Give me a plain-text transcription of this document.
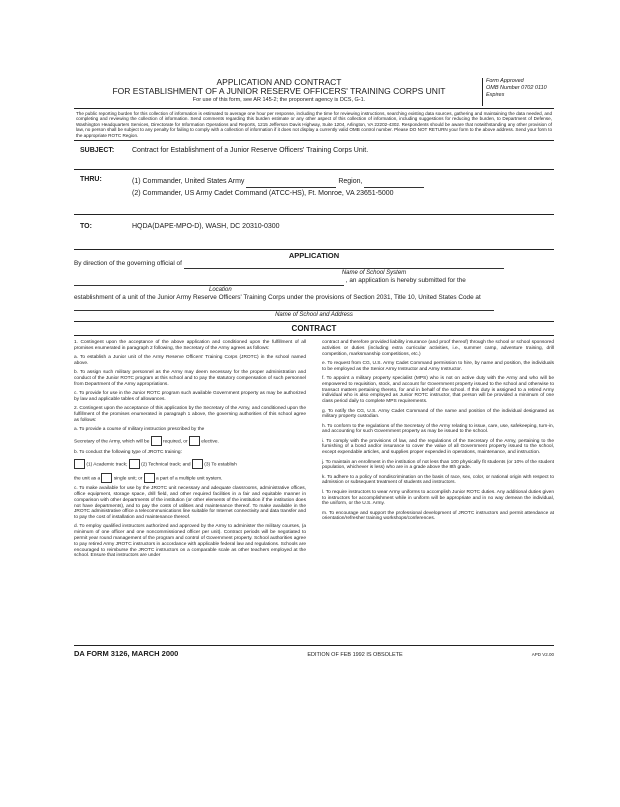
APPLICATION AND CONTRACT
FOR ESTABLISHMENT OF A JUNIOR RESERVE OFFICERS' TRAINING CORPS UNIT
For use of this form, see AR 145-2; the proponent agency is DCS, G-1.
Form Approved
OMB Number 0702 0110
Expires
The public reporting burden for this collection of information is estimated to average one hour per response, including the time for reviewing instructions, searching existing data sources, gathering and maintaining the data needed, and completing and reviewing the collection of information. Send comments regarding this burden estimate or any other aspect of this collection of information, including suggestions for reducing the burden, to Department of Defense, Washington Headquarters Services, Directorate for Information Operations and Reports, 1215 Jefferson Davis Highway, Suite 1204, Arlington, VA 22202-4302. Respondents should be aware that notwithstanding any other provision of law, no person shall be subject to any penalty for failing to comply with a collection of information if it does not display a currently valid OMB control number. Please DO NOT RETURN your form to the above address. Send your form to the appropriate ROTC Region.
SUBJECT:	Contract for Establishment of a Junior Reserve Officers' Training Corps Unit.
THRU:	(1) Commander, United States Army	Region,
(2) Commander, US Army Cadet Command (ATCC-HS), Ft. Monroe, VA 23651-5000
TO:	HQDA(DAPE-MPO-D), WASH, DC 20310-0300
APPLICATION
By direction of the governing official of
Name of School System
, an application is hereby submitted for the
Location
establishment of a unit of the Junior Army Reserve Officers' Training Corps under the provisions of Section 2031, Title 10, United States Code at

Name of School and Address
CONTRACT

1. Contingent upon the acceptance of the above application and conditioned upon the fulfillment of all promises enumerated in paragraph 2 following, the Secretary of the Army agrees as follows:

a. To establish a Junior unit of the Army Reserve Officers' Training Corps (JROTC) in the school named above.

b. To assign such military personnel as the Army may deem necessary for the proper administration and conduct of the Junior ROTC program at this school and to pay the statutory compensation of such personnel from Department of the Army appropriations.

c. To provide for use in the Junior ROTC program such available Government property as may be authorized by law and applicable tables of allowances.

2. Contingent upon the acceptance of this application by the Secretary of the Army, and conditioned upon the fulfillment of the promises enumerated in paragraph 1 above, the governing authorities of this school agree as follows:

a. To provide a course of military instruction prescribed by the

Secretary of the Army, which will be	required, or	elective.

b. To conduct the following type of JROTC training:

(1) Academic track;	(2) Technical track; and	(3) To establish

the unit as a	single unit; or	a part of a multiple unit system.

c. To make available for use by the JROTC unit necessary and adequate classrooms, administrative offices, office equipment, storage space, drill field, and other required facilities in a fair and equitable manner in comparison with other departments of the institution (or other elements of the institution if the institution does not have departments), and to pay the costs of utilities and maintenance thereof. To make available in the JROTC administrative office a telecommunications line suitable for Internet connectivity and data transfer and to pay the cost of installation and maintenance thereof.

d. To employ qualified instructors authorized and approved by the Army to administer the military courses, (a minimum of one officer and one noncommissioned officer per unit). Contract periods will be negotiated to permit year round management of the program and control of Government property. School authorities agree to pay retired Army JROTC instructors in accordance with applicable federal law and regulations. Schools are encouraged to reimburse the JROTC instructors on a comparable scale as other teachers employed at the school. Ensure that instructors are under

contract and therefore provided liability insurance (and proof thereof) through the school or school sponsored activities or duties (including extra curricular activities, i.e., summer camp, adventure training, drill competition, marksmanship competitions, etc.)

e. To request from CG, U.S. Army Cadet Command permission to hire, by name and position, the individuals to be employed as the Senior Army Instructor and Army Instructor.

f. To appoint a military property specialist (MPS) who is not on active duty with the Army and who will be empowered to requisition, stock, and account for Government property issued to the school and otherwise to transact matters pertaining thereto, for and in behalf of the school. If this duty is assigned to a retired Army individual who is also employed as Junior ROTC instructor, that person will be provided a minimum of one class period daily to complete MPS requirements.

g. To notify the CG, U.S. Army Cadet Command of the name and position of the individual designated as military property custodian.

h. To conform to the regulations of the Secretary of the Army relating to issue, care, use, safekeeping, turn-in, and accounting for such Government property as may be issued to the school.

i. To comply with the provisions of law, and the regulations of the Secretary of the Army, pertaining to the furnishing of a bond and/or insurance to cover the value of all Government property issued to the school, except expendable articles, and supplies proper expended in operations, maintenance, and instruction.

j. To maintain an enrollment in the institution of not less than 100 physically fit students (or 10% of the student population, whichever is less) who are in a grade above the 8th grade.

k. To adhere to a policy of nondiscrimination on the basis of race, sex, color, or national origin with respect to admission or subsequent treatment of students and instructors.

l. To require instructors to wear Army uniforms to accomplish Junior ROTC duties. Any additional duties given to instructors for accomplishment while in uniform will be appropriate and in no way demean the individual, the uniform, or the U.S. Army.

m. To encourage and support the professional development of JROTC instructors and permit attendance at orientation/refresher training workshops/conferences.

DA FORM 3126, MARCH 2000	EDITION OF FEB 1992 IS OBSOLETE	APD V2.00
